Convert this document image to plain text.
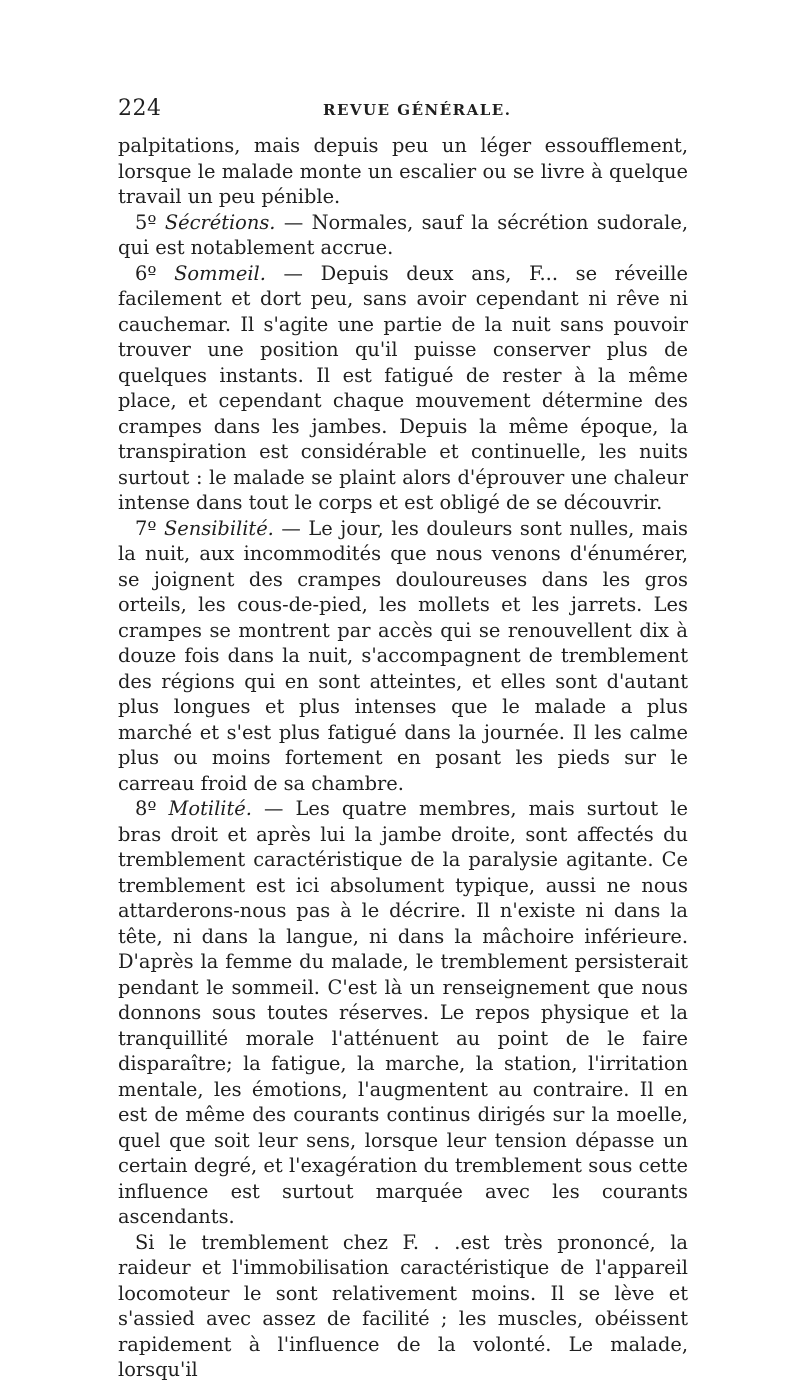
224	REVUE GÉNÉRALE.

palpitations, mais depuis peu un léger essoufflement, lorsque le malade monte un escalier ou se livre à quelque travail un peu pénible.

5º Sécrétions. — Normales, sauf la sécrétion sudorale, qui est notablement accrue.

6º Sommeil. — Depuis deux ans, F... se réveille facilement et dort peu, sans avoir cependant ni rêve ni cauchemar. Il s'agite une partie de la nuit sans pouvoir trouver une position qu'il puisse conserver plus de quelques instants. Il est fatigué de rester à la même place, et cependant chaque mouvement détermine des crampes dans les jambes. Depuis la même époque, la transpiration est considérable et continuelle, les nuits surtout : le malade se plaint alors d'éprouver une chaleur intense dans tout le corps et est obligé de se découvrir.

7º Sensibilité. — Le jour, les douleurs sont nulles, mais la nuit, aux incommodités que nous venons d'énumérer, se joignent des crampes douloureuses dans les gros orteils, les cous-de-pied, les mollets et les jarrets. Les crampes se montrent par accès qui se renouvellent dix à douze fois dans la nuit, s'accompagnent de tremblement des régions qui en sont atteintes, et elles sont d'autant plus longues et plus intenses que le malade a plus marché et s'est plus fatigué dans la journée. Il les calme plus ou moins fortement en posant les pieds sur le carreau froid de sa chambre.

8º Motilité. — Les quatre membres, mais surtout le bras droit et après lui la jambe droite, sont affectés du tremblement caractéristique de la paralysie agitante. Ce tremblement est ici absolument typique, aussi ne nous attarderons-nous pas à le décrire. Il n'existe ni dans la tête, ni dans la langue, ni dans la mâchoire inférieure. D'après la femme du malade, le tremblement persisterait pendant le sommeil. C'est là un renseignement que nous donnons sous toutes réserves. Le repos physique et la tranquillité morale l'atténuent au point de le faire disparaître; la fatigue, la marche, la station, l'irritation mentale, les émotions, l'augmentent au contraire. Il en est de même des courants continus dirigés sur la moelle, quel que soit leur sens, lorsque leur tension dépasse un certain degré, et l'exagération du tremblement sous cette influence est surtout marquée avec les courants ascendants.

Si le tremblement chez F. . .est très prononcé, la raideur et l'immobilisation caractéristique de l'appareil locomoteur le sont relativement moins. Il se lève et s'assied avec assez de facilité ; les muscles, obéissent rapidement à l'influence de la volonté. Le malade, lorsqu'il
